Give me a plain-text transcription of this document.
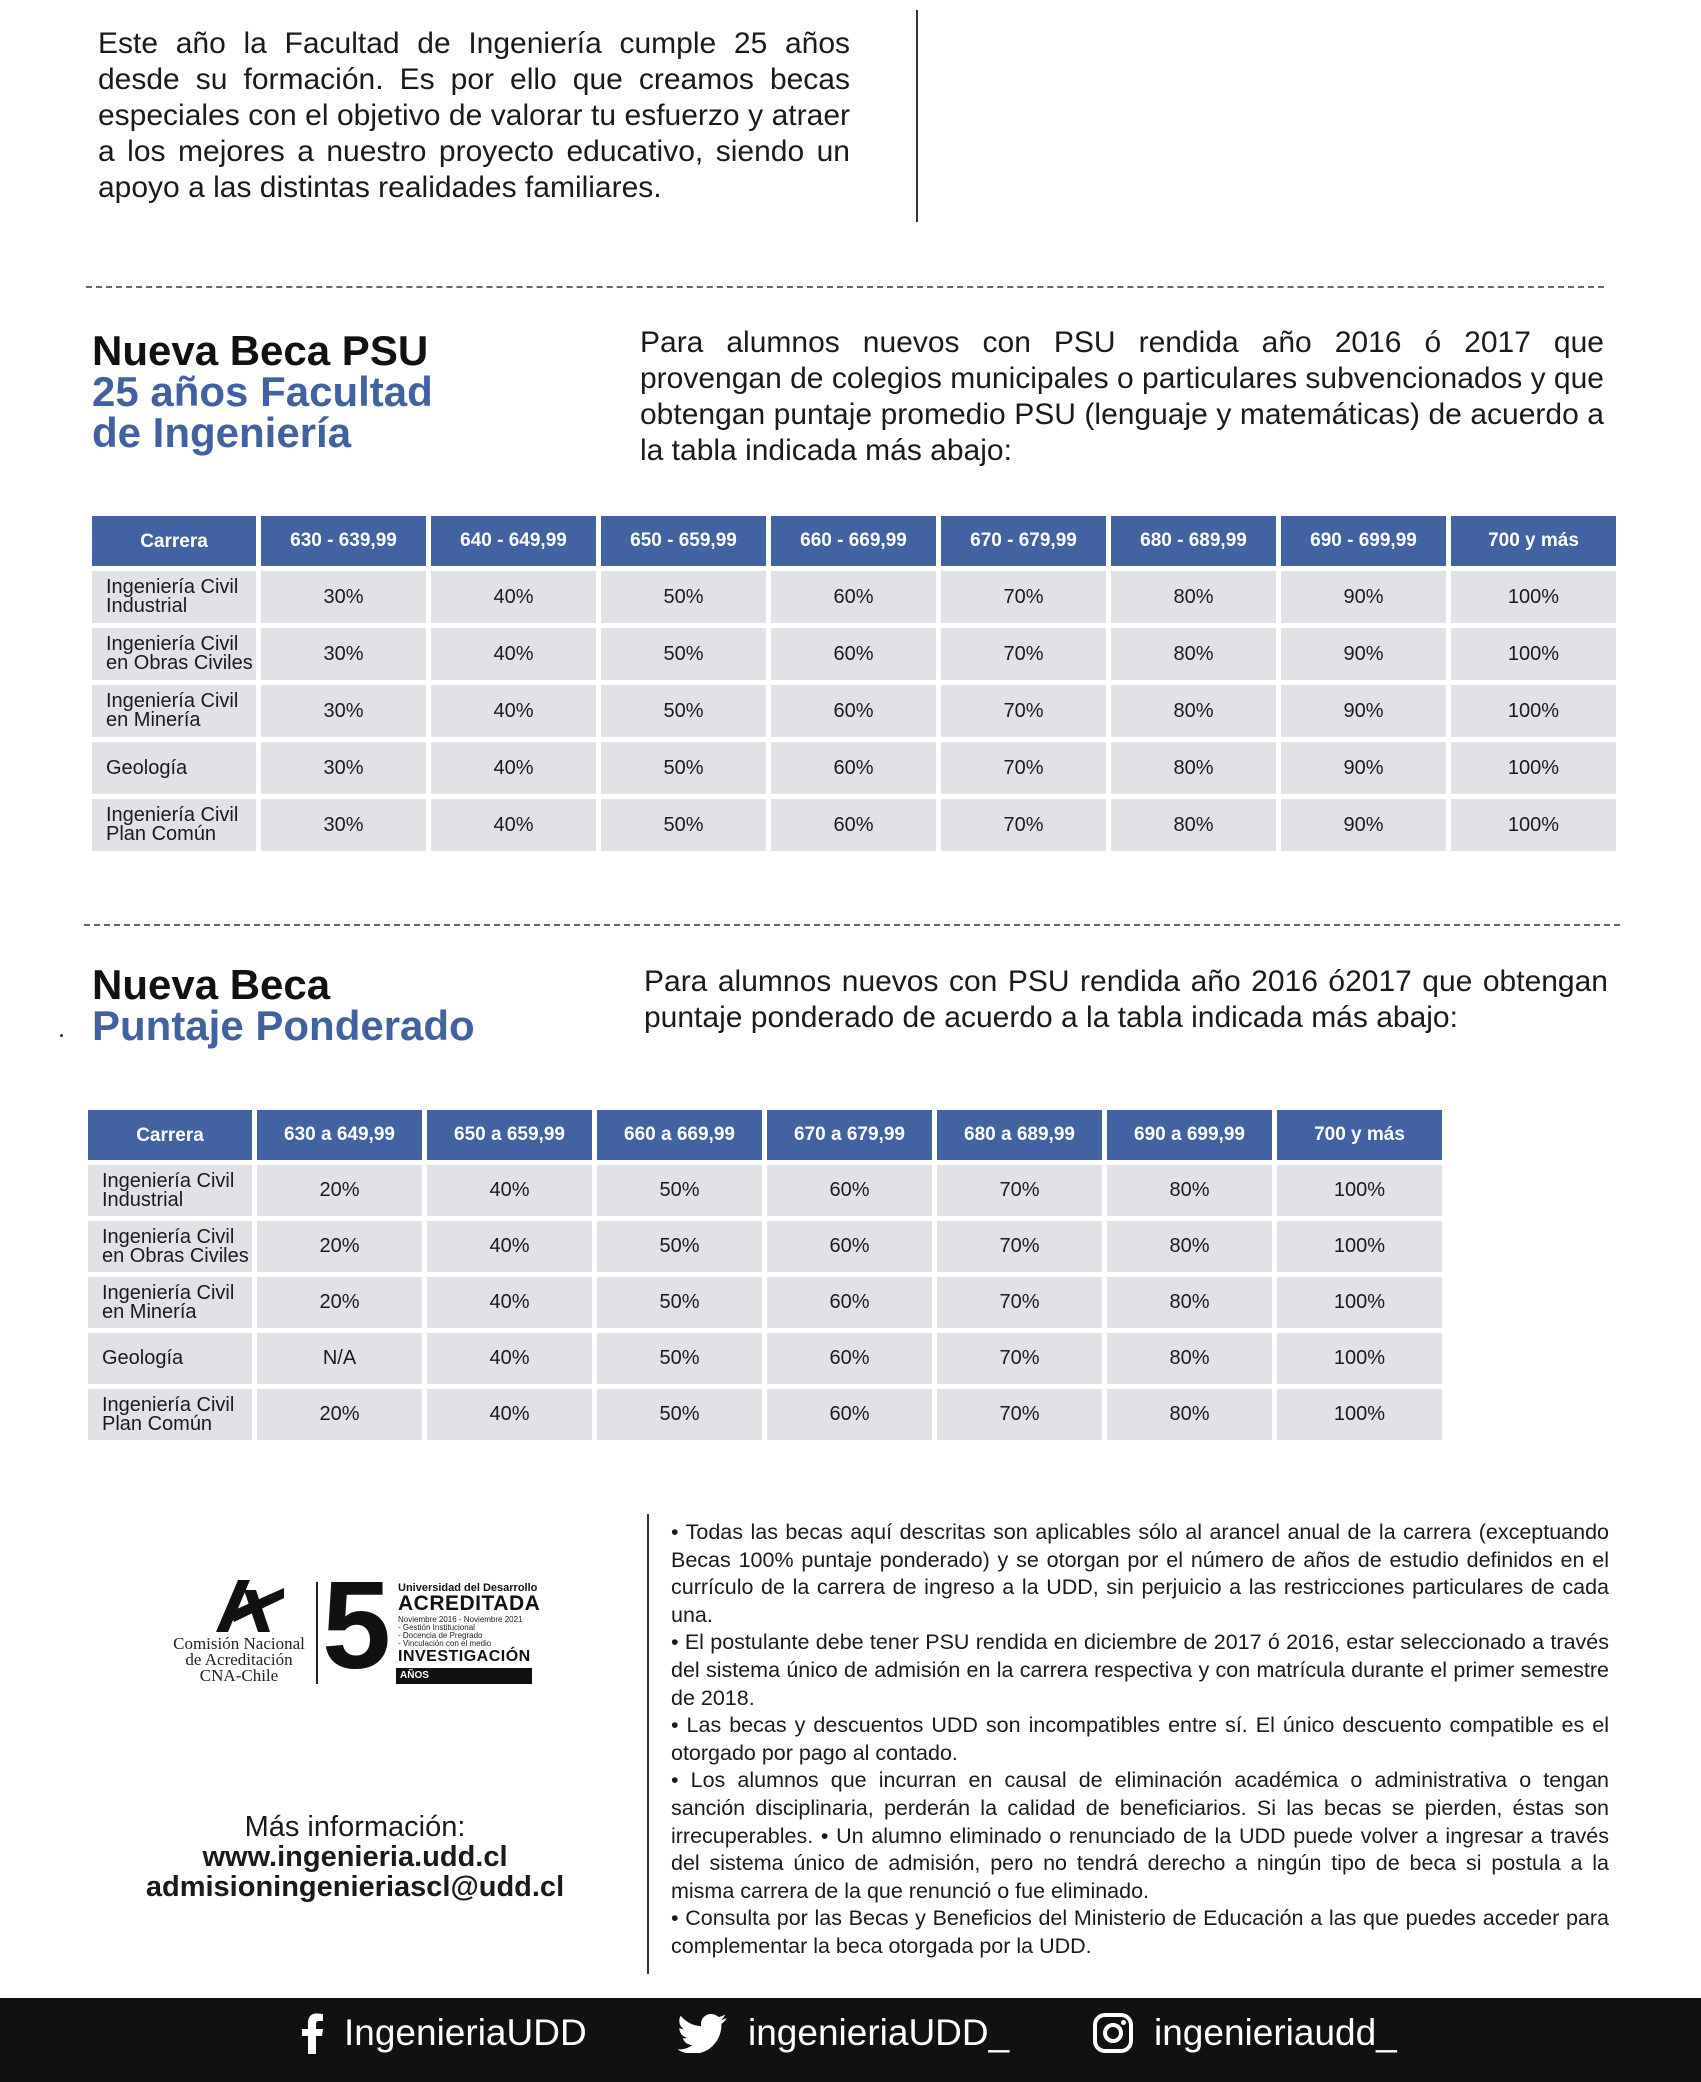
Este año la Facultad de Ingeniería cumple 25 años desde su formación. Es por ello que creamos becas especiales con el objetivo de valorar tu esfuerzo y atraer a los mejores a nuestro proyecto educativo, siendo un apoyo a las distintas realidades familiares.

Nueva Beca PSU
25 años Facultad
de Ingeniería

Para alumnos nuevos con PSU rendida año 2016 ó 2017 que provengan de colegios municipales o particulares subvencionados y que obtengan puntaje promedio PSU (lenguaje y matemáticas) de acuerdo a la tabla indicada más abajo:

Carrera	630 - 639,99	640 - 649,99	650 - 659,99	660 - 669,99	670 - 679,99	680 - 689,99	690 - 699,99	700 y más
Ingeniería Civil
Industrial	30%	40%	50%	60%	70%	80%	90%	100%
Ingeniería Civil
en Obras Civiles	30%	40%	50%	60%	70%	80%	90%	100%
Ingeniería Civil
en Minería	30%	40%	50%	60%	70%	80%	90%	100%
Geología	30%	40%	50%	60%	70%	80%	90%	100%
Ingeniería Civil
Plan Común	30%	40%	50%	60%	70%	80%	90%	100%
Nueva Beca
Puntaje Ponderado

Para alumnos nuevos con PSU rendida año 2016 ó2017 que obtengan puntaje ponderado de acuerdo a la tabla indicada más abajo:

Carrera	630 a 649,99	650 a 659,99	660 a 669,99	670 a 679,99	680 a 689,99	690 a 699,99	700 y más
Ingeniería Civil
Industrial	20%	40%	50%	60%	70%	80%	100%
Ingeniería Civil
en Obras Civiles	20%	40%	50%	60%	70%	80%	100%
Ingeniería Civil
en Minería	20%	40%	50%	60%	70%	80%	100%
Geología	N/A	40%	50%	60%	70%	80%	100%
Ingeniería Civil
Plan Común	20%	40%	50%	60%	70%	80%	100%
Comisión Nacional
de Acreditación
CNA-Chile 5 Universidad del Desarrollo
ACREDITADA
Noviembre 2016 - Noviembre 2021
- Gestión Institucional
- Docencia de Pregrado
- Vinculación con el medio
INVESTIGACIÓN
AÑOS
Más información:
www.ingenieria.udd.cl
admisioningenieriascl@udd.cl

• Todas las becas aquí descritas son aplicables sólo al arancel anual de la carrera (exceptuando Becas 100% puntaje ponderado) y se otorgan por el número de años de estudio definidos en el currículo de la carrera de ingreso a la UDD, sin perjuicio a las restricciones particulares de cada una.

• El postulante debe tener PSU rendida en diciembre de 2017 ó 2016, estar seleccionado a través del sistema único de admisión en la carrera respectiva y con matrícula durante el primer semestre de 2018.

• Las becas y descuentos UDD son incompatibles entre sí. El único descuento compatible es el otorgado por pago al contado.

• Los alumnos que incurran en causal de eliminación académica o administrativa o tengan sanción disciplinaria, perderán la calidad de beneficiarios. Si las becas se pierden, éstas son irrecuperables. • Un alumno eliminado o renunciado de la UDD puede volver a ingresar a través del sistema único de admisión, pero no tendrá derecho a ningún tipo de beca si postula a la misma carrera de la que renunció o fue eliminado.

• Consulta por las Becas y Beneficios del Ministerio de Educación a las que puedes acceder para complementar la beca otorgada por la UDD.

IngenieriaUDD	ingenieriaUDD_	ingenieriaudd_
